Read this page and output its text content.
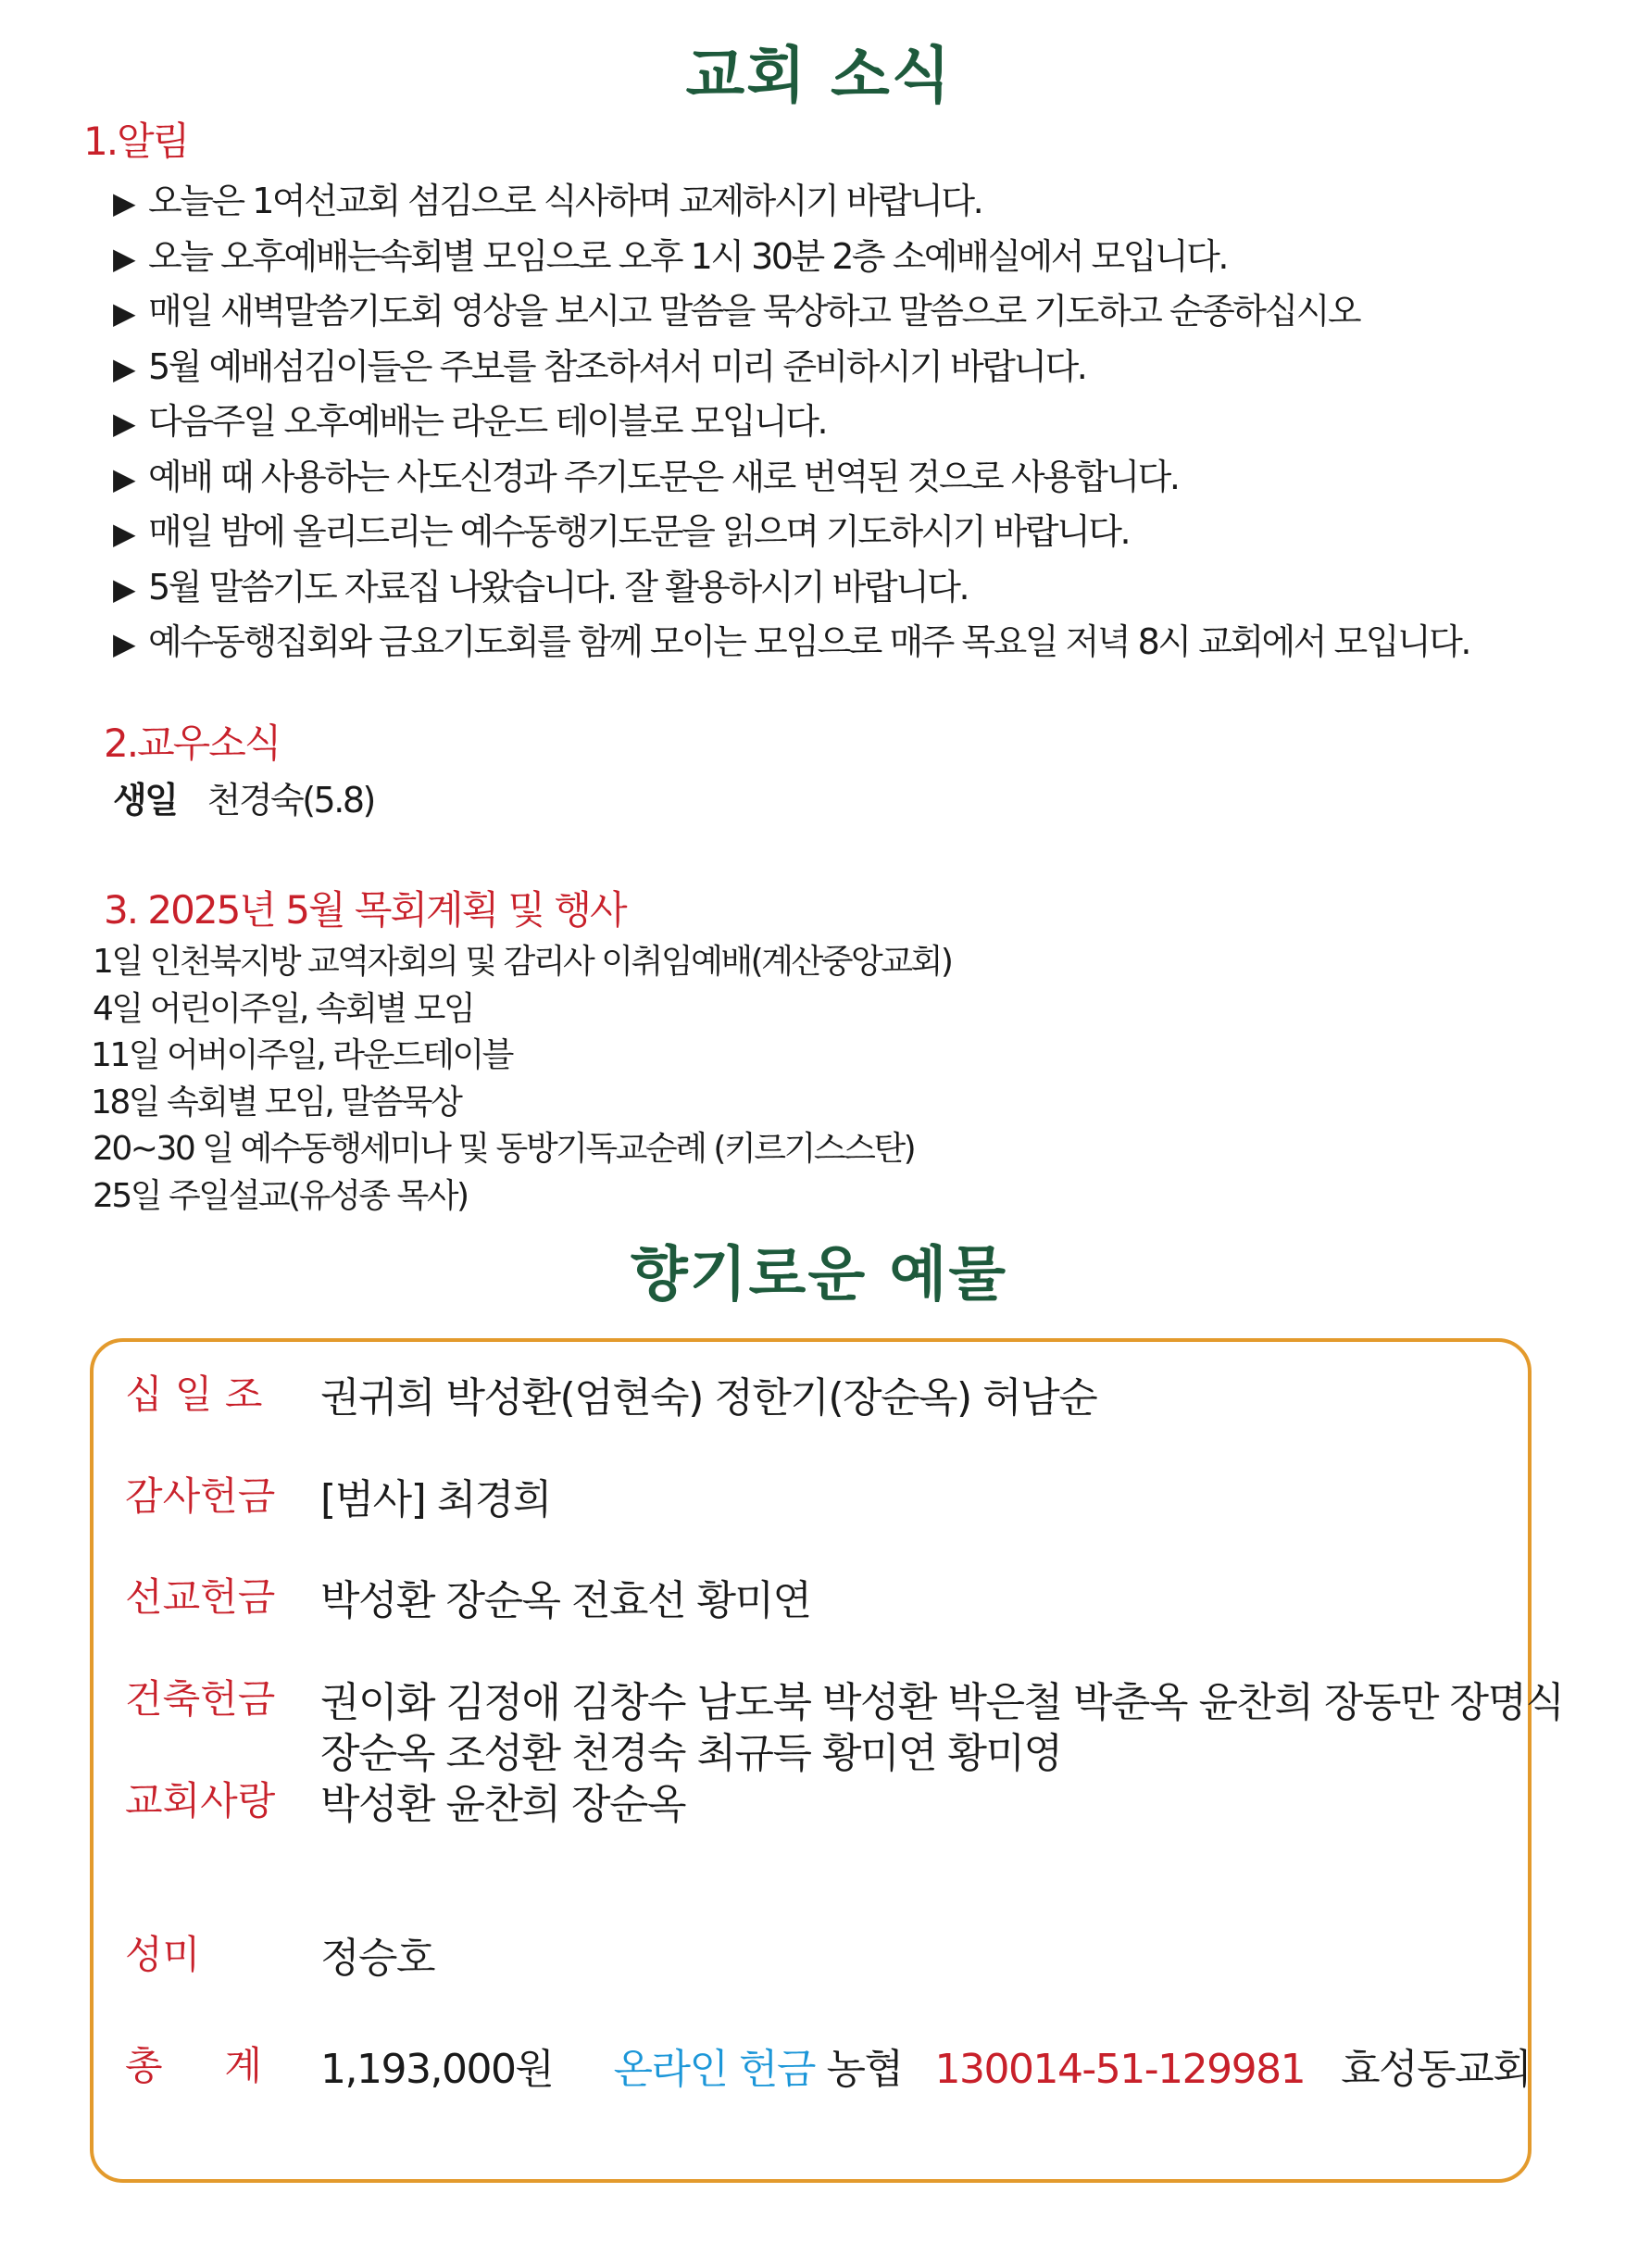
교회 소식
1.알림
▶ 오늘은 1여선교회 섬김으로 식사하며 교제하시기 바랍니다.
▶ 오늘 오후예배는속회별 모임으로 오후 1시 30분 2층 소예배실에서 모입니다.
▶ 매일 새벽말씀기도회 영상을 보시고 말씀을 묵상하고 말씀으로 기도하고 순종하십시오
▶ 5월 예배섬김이들은 주보를 참조하셔서 미리 준비하시기 바랍니다.
▶ 다음주일 오후예배는 라운드 테이블로 모입니다.
▶ 예배 때 사용하는 사도신경과 주기도문은 새로 번역된 것으로 사용합니다.
▶ 매일 밤에 올리드리는 예수동행기도문을 읽으며 기도하시기 바랍니다.
▶ 5월 말씀기도 자료집 나왔습니다. 잘 활용하시기 바랍니다.
▶ 예수동행집회와 금요기도회를 함께 모이는 모임으로 매주 목요일 저녁 8시 교회에서 모입니다.
2.교우소식
생일 천경숙(5.8)
3. 2025년 5월 목회계획 및 행사
1일 인천북지방 교역자회의 및 감리사 이취임예배(계산중앙교회)
4일 어린이주일, 속회별 모임
11일 어버이주일, 라운드테이블
18일 속회별 모임, 말씀묵상
20~30 일 예수동행세미나 및 동방기독교순례 (키르기스스탄)
25일 주일설교(유성종 목사)
향기로운 예물
십 일 조 권귀희 박성환(엄현숙) 정한기(장순옥) 허남순
감사헌금 [범사] 최경희
선교헌금 박성환 장순옥 전효선 황미연
건축헌금 권이화 김정애 김창수 남도북 박성환 박은철 박춘옥 윤찬희 장동만 장명식
장순옥 조성환 천경숙 최규득 황미연 황미영
교회사랑 박성환 윤찬희 장순옥
성미	정승호
총     계 1,193,000원 온라인 헌금 농협 130014-51-129981 효성동교회
